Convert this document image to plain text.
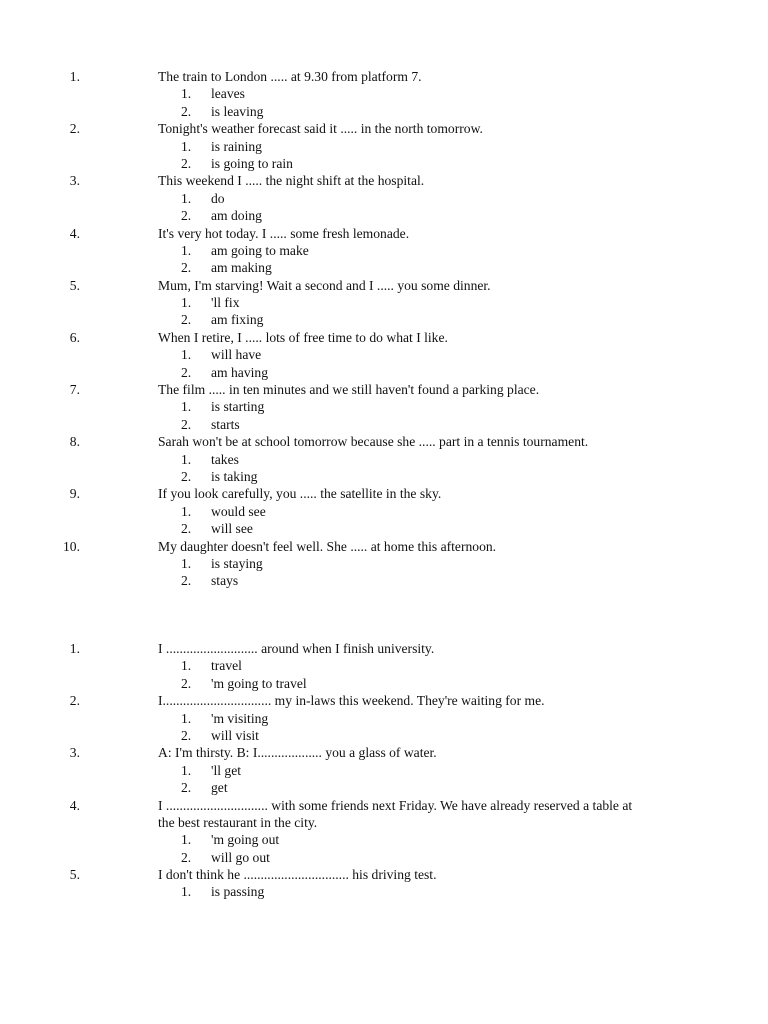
1.	The train to London ..... at 9.30 from platform 7.
1. leaves
2. is leaving
2.	Tonight's weather forecast said it ..... in the north tomorrow.
1. is raining
2. is going to rain
3.	This weekend I ..... the night shift at the hospital.
1. do
2. am doing
4.	It's very hot today. I ..... some fresh lemonade.
1. am going to make
2. am making
5.	Mum, I'm starving! Wait a second and I ..... you some dinner.
1. 'll fix
2. am fixing
6.	When I retire, I ..... lots of free time to do what I like.
1. will have
2. am having
7.	The film ..... in ten minutes and we still haven't found a parking place.
1. is starting
2. starts
8.	Sarah won't be at school tomorrow because she ..... part in a tennis tournament.
1. takes
2. is taking
9.	If you look carefully, you ..... the satellite in the sky.
1. would see
2. will see
10.	My daughter doesn't feel well. She ..... at home this afternoon.
1. is staying
2. stays
1.	I ........................... around when I finish university.
1. travel
2. 'm going to travel
2.	I................................ my in-laws this weekend. They're waiting for me.
1. 'm visiting
2. will visit
3.	A: I'm thirsty. B: I................... you a glass of water.
1. 'll get
2. get
4.	I .............................. with some friends next Friday. We have already reserved a table at the best restaurant in the city.
1. 'm going out
2. will go out
5.	I don't think he ............................... his driving test.
1. is passing
